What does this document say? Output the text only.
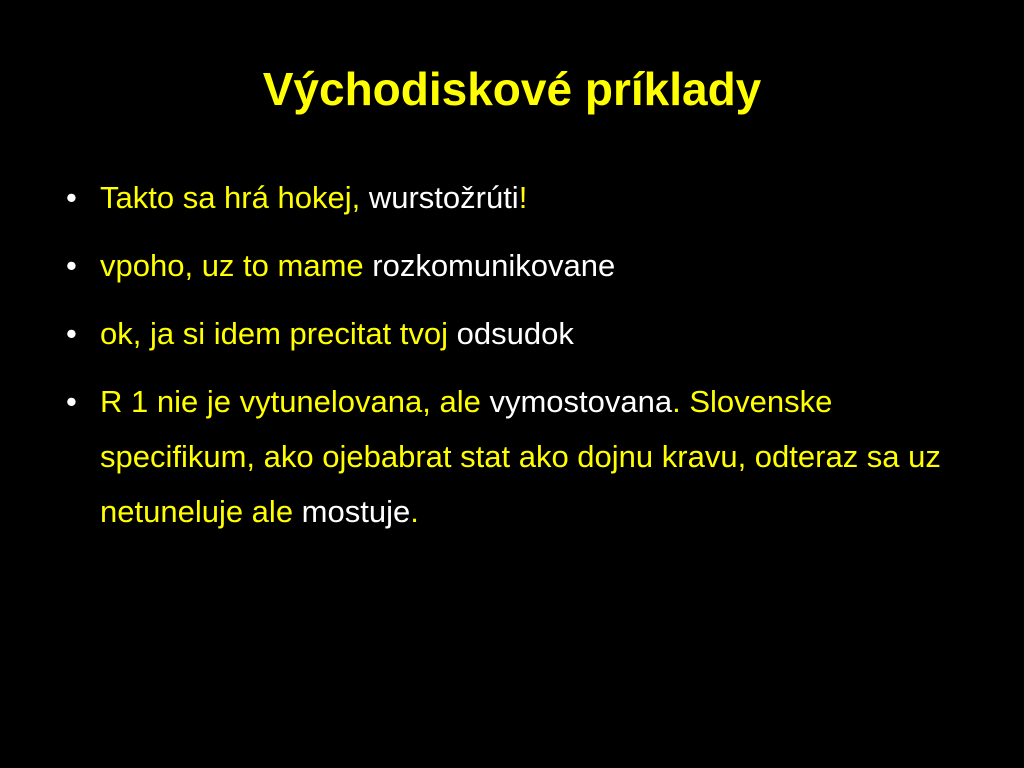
Východiskové príklady
• Takto sa hrá hokej, wurstožrúti!
• vpoho, uz to mame rozkomunikovane
• ok, ja si idem precitat tvoj odsudok
• R 1 nie je vytunelovana, ale vymostovana. Slovenske specifikum, ako ojebabrat stat ako dojnu kravu, odteraz sa uz netuneluje ale mostuje.
